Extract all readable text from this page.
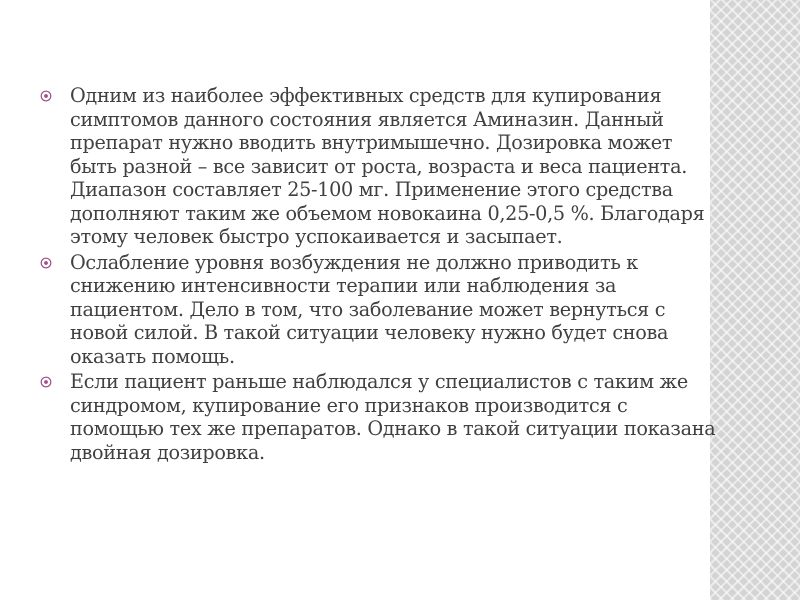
Одним из наиболее эффективных средств для купирования симптомов данного состояния является Аминазин. Данный препарат нужно вводить внутримышечно. Дозировка может быть разной – все зависит от роста, возраста и веса пациента. Диапазон составляет 25-100 мг. Применение этого средства дополняют таким же объемом новокаина 0,25-0,5 %. Благодаря этому человек быстро успокаивается и засыпает.
Ослабление уровня возбуждения не должно приводить к снижению интенсивности терапии или наблюдения за пациентом. Дело в том, что заболевание может вернуться с новой силой. В такой ситуации человеку нужно будет снова оказать помощь.
Если пациент раньше наблюдался у специалистов с таким же синдромом, купирование его признаков производится с помощью тех же препаратов. Однако в такой ситуации показана двойная дозировка.
